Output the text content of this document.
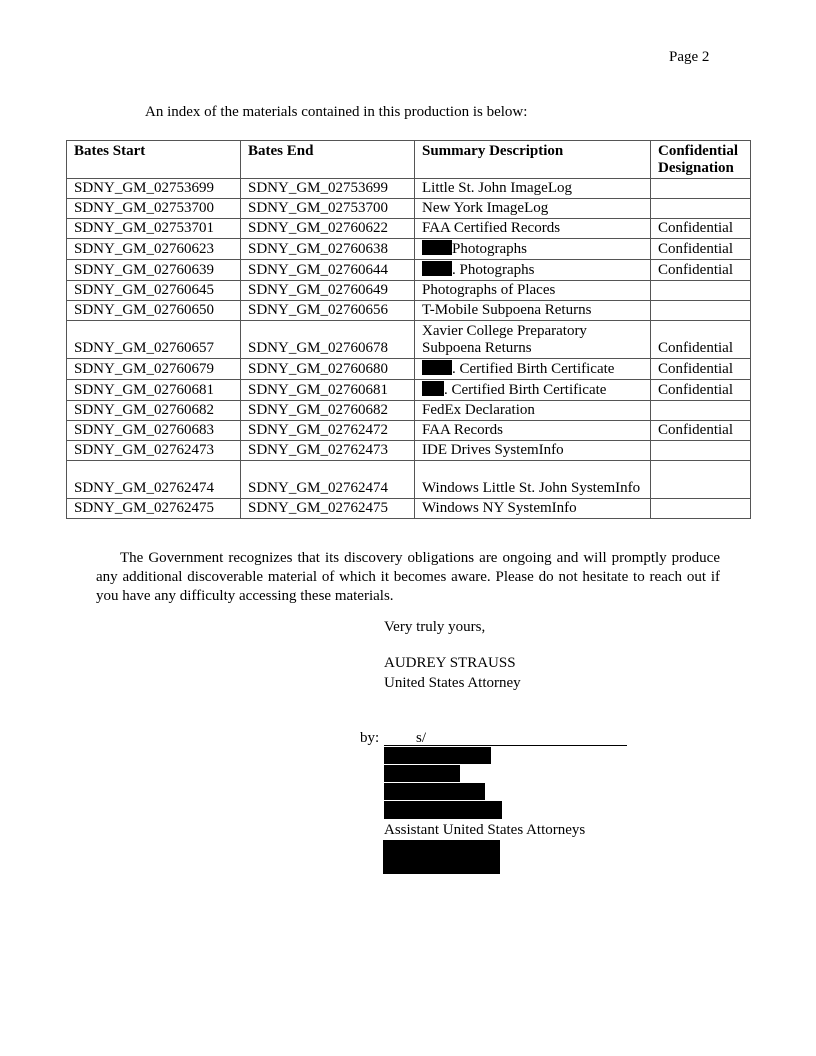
Page 2
An index of the materials contained in this production is below:
Bates Start	Bates End	Summary Description	Confidential Designation
SDNY_GM_02753699	SDNY_GM_02753699	Little St. John ImageLog	
SDNY_GM_02753700	SDNY_GM_02753700	New York ImageLog	
SDNY_GM_02753701	SDNY_GM_02760622	FAA Certified Records	Confidential
SDNY_GM_02760623	SDNY_GM_02760638	Photographs	Confidential
SDNY_GM_02760639	SDNY_GM_02760644	. Photographs	Confidential
SDNY_GM_02760645	SDNY_GM_02760649	Photographs of Places	
SDNY_GM_02760650	SDNY_GM_02760656	T-Mobile Subpoena Returns	
SDNY_GM_02760657	SDNY_GM_02760678	Xavier College Preparatory Subpoena Returns	Confidential
SDNY_GM_02760679	SDNY_GM_02760680	. Certified Birth Certificate	Confidential
SDNY_GM_02760681	SDNY_GM_02760681	. Certified Birth Certificate	Confidential
SDNY_GM_02760682	SDNY_GM_02760682	FedEx Declaration	
SDNY_GM_02760683	SDNY_GM_02762472	FAA Records	Confidential
SDNY_GM_02762473	SDNY_GM_02762473	IDE Drives SystemInfo	
SDNY_GM_02762474	SDNY_GM_02762474	Windows Little St. John SystemInfo	
SDNY_GM_02762475	SDNY_GM_02762475	Windows NY SystemInfo	
The Government recognizes that its discovery obligations are ongoing and will promptly produce any additional discoverable material of which it becomes aware. Please do not hesitate to reach out if you have any difficulty accessing these materials.
Very truly yours,
AUDREY STRAUSS
United States Attorney
by: s/
Assistant United States Attorneys
